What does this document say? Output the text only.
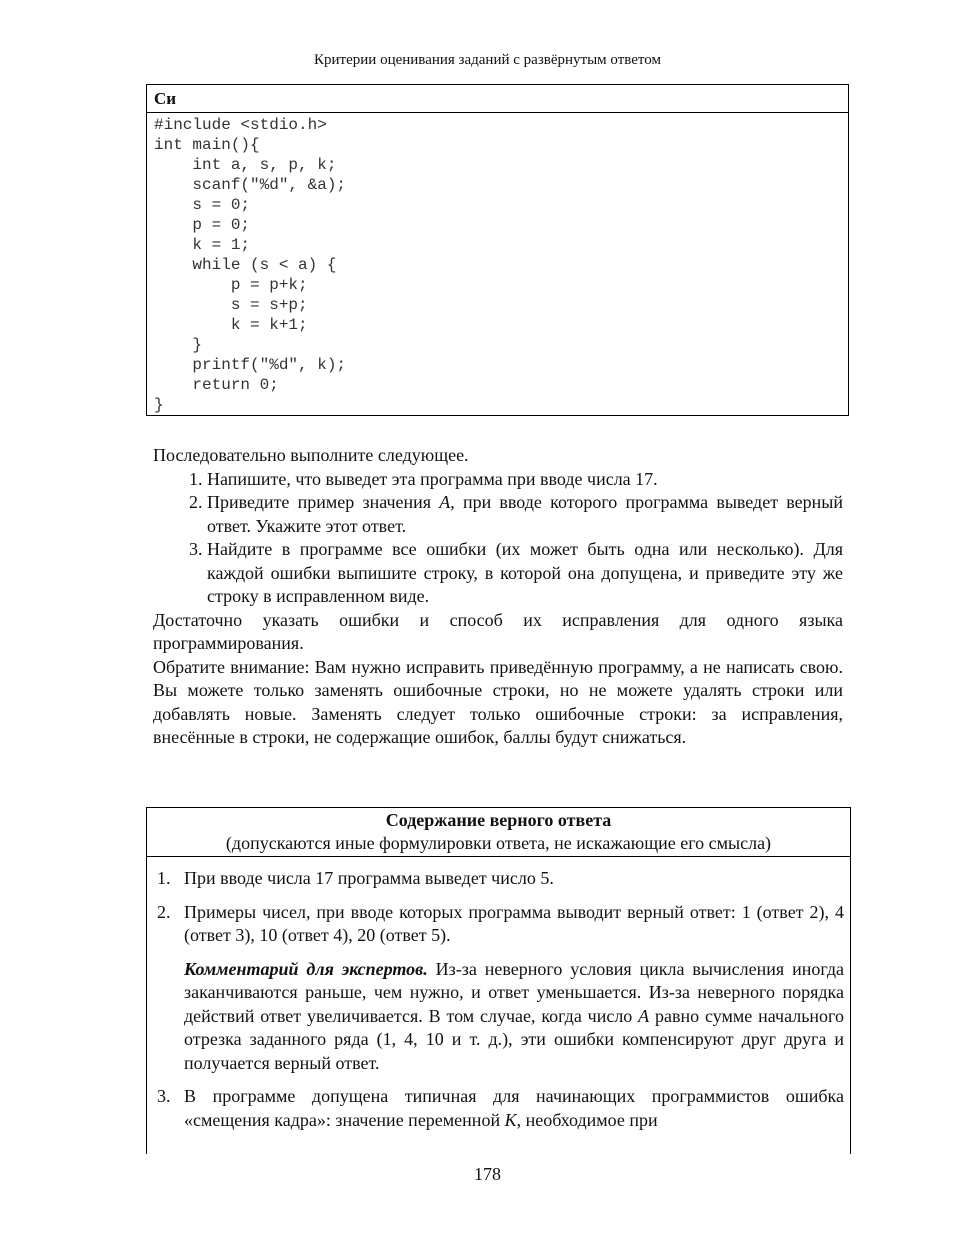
Критерии оценивания заданий с развёрнутым ответом
Си
#include <stdio.h>
int main(){
int a, s, p, k;
scanf("%d", &a);
s = 0;
p = 0;
k = 1;
while (s < a) {
p = p+k;
s = s+p;
k = k+1;
}
printf("%d", k);
return 0;
}

Последовательно выполните следующее.

1. Напишите, что выведет эта программа при вводе числа 17.
2. Приведите пример значения A, при вводе которого программа выведет верный ответ. Укажите этот ответ.
3. Найдите в программе все ошибки (их может быть одна или несколько). Для каждой ошибки выпишите строку, в которой она допущена, и приведите эту же строку в исправленном виде.

Достаточно указать ошибки и способ их исправления для одного языка программирования.

Обратите внимание: Вам нужно исправить приведённую программу, а не написать свою. Вы можете только заменять ошибочные строки, но не можете удалять строки или добавлять новые. Заменять следует только ошибочные строки: за исправления, внесённые в строки, не содержащие ошибок, баллы будут снижаться.

Содержание верного ответа
(допускаются иные формулировки ответа, не искажающие его смысла)
1. При вводе числа 17 программа выведет число 5.

2. Примеры чисел, при вводе которых программа выводит верный ответ: 1 (ответ 2), 4 (ответ 3), 10 (ответ 4), 20 (ответ 5).

Комментарий для экспертов. Из-за неверного условия цикла вычисления иногда заканчиваются раньше, чем нужно, и ответ уменьшается. Из-за неверного порядка действий ответ увеличивается. В том случае, когда число A равно сумме начального отрезка заданного ряда (1, 4, 10 и т. д.), эти ошибки компенсируют друг друга и получается верный ответ.

3. В программе допущена типичная для начинающих программистов ошибка «смещения кадра»: значение переменной K, необходимое при

178
